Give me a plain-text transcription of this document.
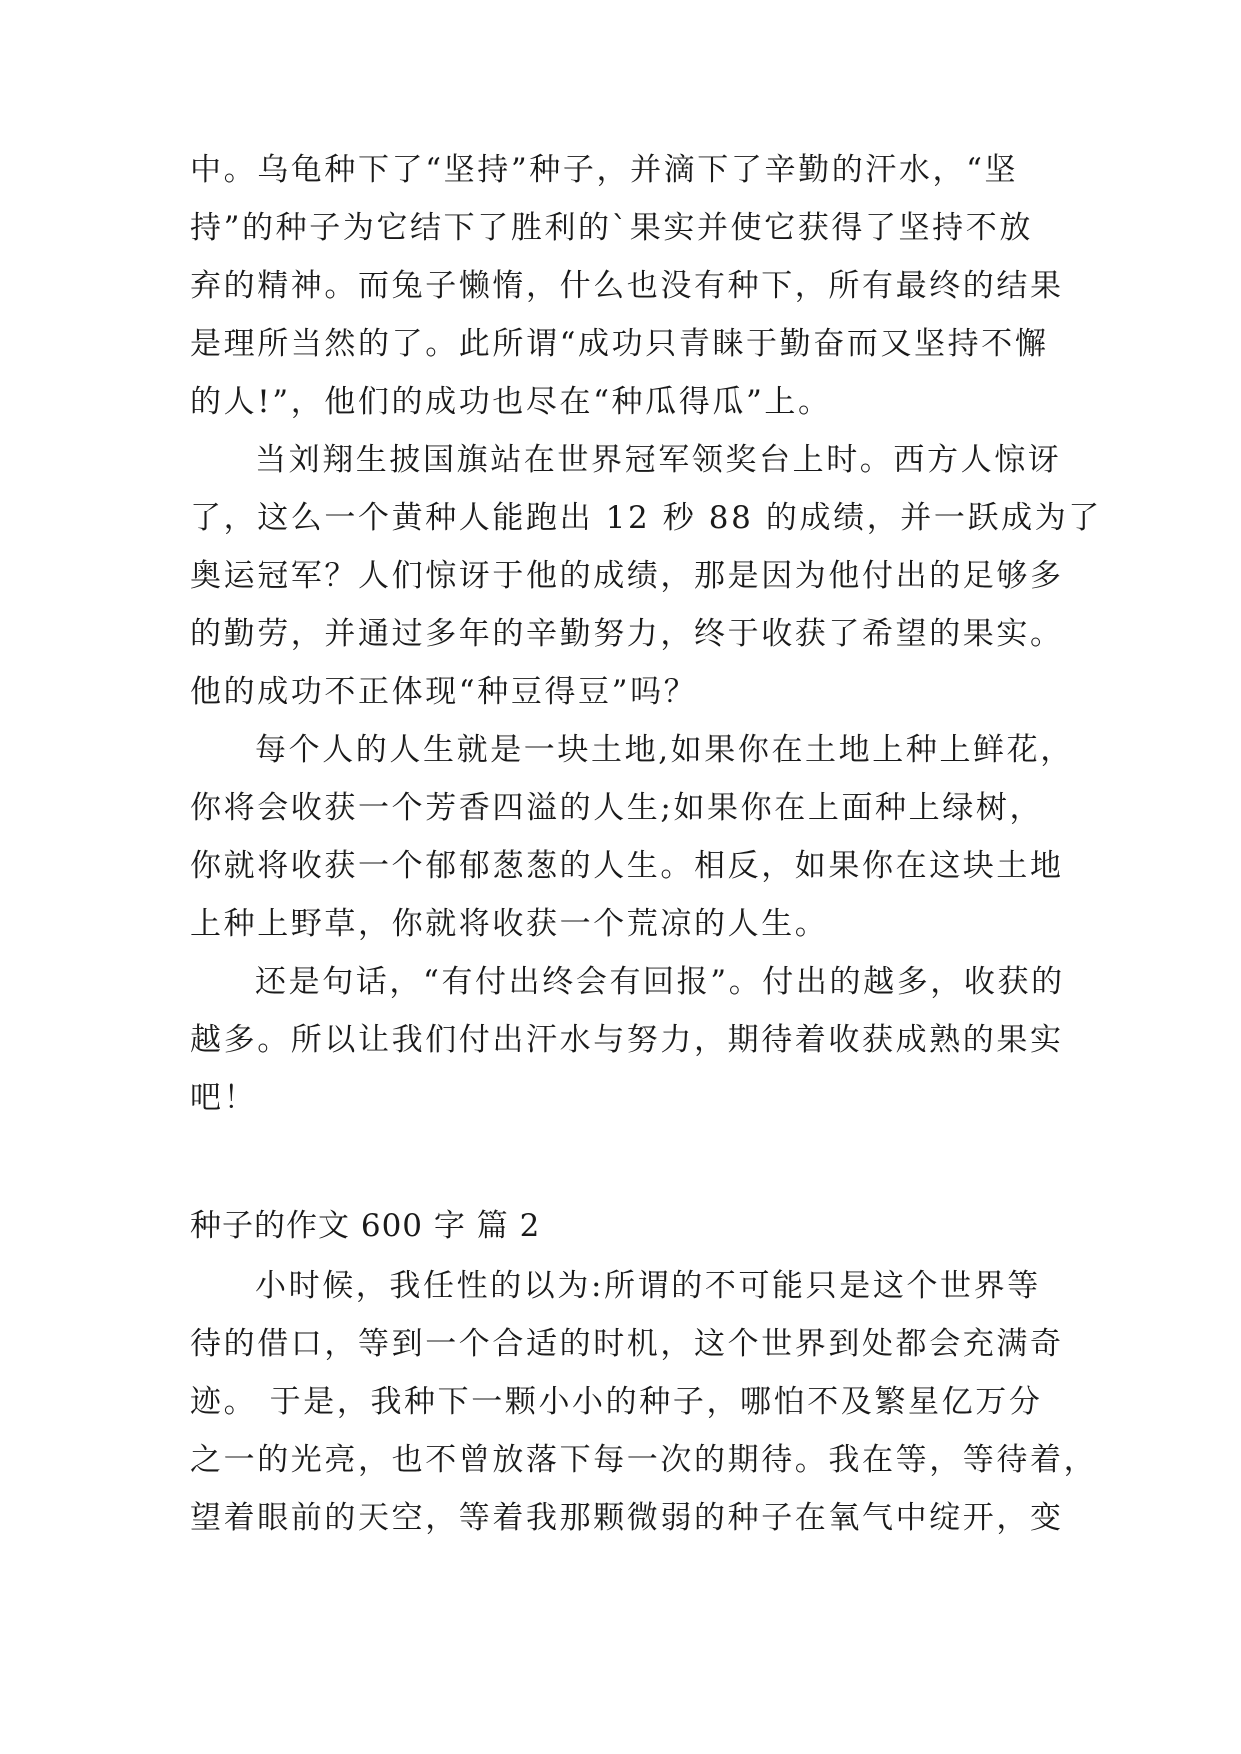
中。乌龟种下了“坚持”种子，并滴下了辛勤的汗水，“坚
持”的种子为它结下了胜利的`果实并使它获得了坚持不放
弃的精神。而兔子懒惰，什么也没有种下，所有最终的结果
是理所当然的了。此所谓“成功只青睐于勤奋而又坚持不懈
的人!”，他们的成功也尽在“种瓜得瓜”上。
当刘翔生披国旗站在世界冠军领奖台上时。西方人惊讶
了，这么一个黄种人能跑出 12 秒 88 的成绩，并一跃成为了
奥运冠军？人们惊讶于他的成绩，那是因为他付出的足够多
的勤劳，并通过多年的辛勤努力，终于收获了希望的果实。
他的成功不正体现“种豆得豆”吗？
每个人的人生就是一块土地,如果你在土地上种上鲜花，
你将会收获一个芳香四溢的人生;如果你在上面种上绿树，
你就将收获一个郁郁葱葱的人生。相反，如果你在这块土地
上种上野草，你就将收获一个荒凉的人生。
还是句话，“有付出终会有回报”。付出的越多，收获的
越多。所以让我们付出汗水与努力，期待着收获成熟的果实
吧！
种子的作文 600 字 篇 2
小时候，我任性的以为:所谓的不可能只是这个世界等
待的借口，等到一个合适的时机，这个世界到处都会充满奇
迹。 于是，我种下一颗小小的种子，哪怕不及繁星亿万分
之一的光亮，也不曾放落下每一次的期待。我在等，等待着，
望着眼前的天空，等着我那颗微弱的种子在氧气中绽开，变
